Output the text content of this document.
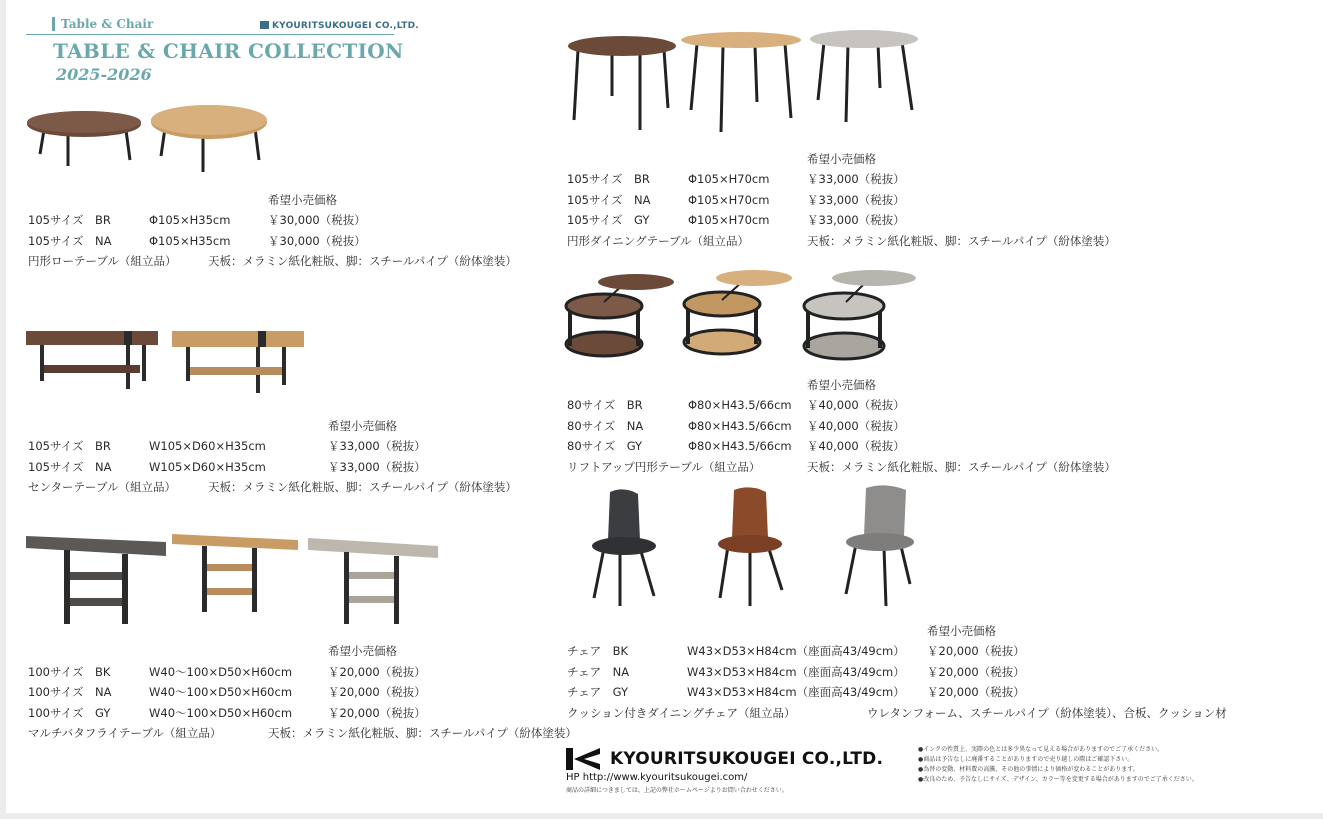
Table & Chair	KYOURITSUKOUGEI CO.,LTD.
TABLE & CHAIR COLLECTION
2025-2026
希望小売価格
105サイズ　BR	Φ105×H35cm	￥30,000（税抜）
105サイズ　NA	Φ105×H35cm	￥30,000（税抜）
円形ローテーブル（組立品）	天板：メラミン紙化粧版、脚：スチールパイプ（紛体塗装）
希望小売価格
105サイズ　BR	W105×D60×H35cm	￥33,000（税抜）
105サイズ　NA	W105×D60×H35cm	￥33,000（税抜）
センターテーブル（組立品）	天板：メラミン紙化粧版、脚：スチールパイプ（紛体塗装）
希望小売価格
100サイズ　BK	W40〜100×D50×H60cm	￥20,000（税抜）
100サイズ　NA	W40〜100×D50×H60cm	￥20,000（税抜）
100サイズ　GY	W40〜100×D50×H60cm	￥20,000（税抜）
マルチバタフライテーブル（組立品）	天板：メラミン紙化粧版、脚：スチールパイプ（紛体塗装）
希望小売価格
105サイズ　BR	Φ105×H70cm	￥33,000（税抜）
105サイズ　NA	Φ105×H70cm	￥33,000（税抜）
105サイズ　GY	Φ105×H70cm	￥33,000（税抜）
円形ダイニングテーブル（組立品）	天板：メラミン紙化粧版、脚：スチールパイプ（紛体塗装）
希望小売価格
80サイズ　BR	Φ80×H43.5/66cm ￥40,000（税抜）
80サイズ　NA	Φ80×H43.5/66cm ￥40,000（税抜）
80サイズ　GY	Φ80×H43.5/66cm ￥40,000（税抜）
リフトアップ円形テーブル（組立品）	天板：メラミン紙化粧版、脚：スチールパイプ（紛体塗装）
希望小売価格
チェア　BK	W43×D53×H84cm（座面高43/49cm） ￥20,000（税抜）
チェア　NA	W43×D53×H84cm（座面高43/49cm） ￥20,000（税抜）
チェア　GY	W43×D53×H84cm（座面高43/49cm） ￥20,000（税抜）
クッション付きダイニングチェア（組立品）	ウレタンフォーム、スチールパイプ（紛体塗装）、合板、クッション材
KYOURITSUKOUGEI CO.,LTD.
HP http://www.kyouritsukougei.com/
商品の詳細につきましては、上記の弊社ホームページよりお問い合わせください。
●インクの性質上、実際の色とは多少異なって見える場合がありますのでご了承ください。
●商品は予告なしに廃番することがありますので売り越しの際はご確認下さい。
●為替の変動、材料費の高騰、その他の事情により価格が変わることがあります。
●改良のため、予告なしにサイズ、デザイン、カラー等を変更する場合がありますのでご了承ください。
